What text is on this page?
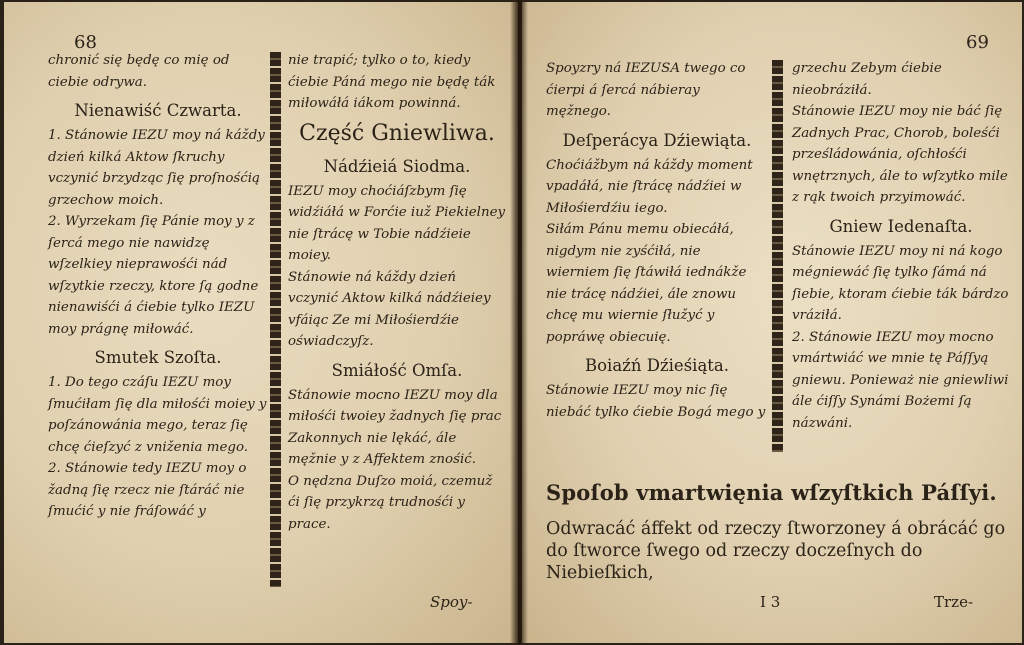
68

chronić się będę co mię od ciebie odrywa.

Nienawiść Czwarta.

1. Stánowie IEZU moy ná káždy dzień kilká Aktow ſkruchy vczynić brzydząc ſię proſnośćią grzechow moich.

2. Wyrzekam ſię Pánie moy y z ſercá mego nie nawidzę wſzelkiey nieprawośći nád wſzytkie rzeczy, ktore ſą godne nienawiśći á ćiebie tylko IEZU moy prágnę miłowáć.

Smutek Szoſta.

1. Do tego czáſu IEZU moy ſmućiłam ſię dla miłośći moiey y poſzánowánia mego, teraz ſię chcę ćieſzyć z vniženia mego.

2. Stánowie tedy IEZU moy o žadną ſię rzecz nie ſtáráć nie ſmućić y nie fráſowáć y

nie trapić; tylko o to, kiedy ćiebie Páná mego nie będę ták miłowáłá iákom powinná.

Część Gniewliwa.

Nádźieiá Siodma.

IEZU moy choćiáſzbym ſię widźiáłá w Forćie iuž Piekielney nie ſtrácę w Tobie nádźieie moiey.

Stánowie ná káždy dzień vczynić Aktow kilká nádźieiey vfáiąc Ze mi Miłośierdźie oświadczyſz.

Smiáłość Omſa.

Stánowie mocno IEZU moy dla miłośći twoiey žadnych ſię prac Zakonnych nie lękáć, ále męžnie y z Affektem znośić.

O nędzna Duſzo moiá, czemuž ći ſię przykrzą trudnośći y prace.

Spoy-
69

Spoyzry ná IEZUSA twego co ćierpi á ſercá nábieray męžnego.

Deſperácya Dźiewiąta.

Choćiážbym ná káždy moment vpadáłá, nie ſtrácę nádźiei w Miłośierdźiu iego.

Siłám Pánu memu obiecáłá, nigdym nie zyśćiłá, nie wierniem ſię ſtáwiłá iednákže nie trácę nádźiei, ále znowu chcę mu wiernie ſłužyć y popráwę obiecuię.

Boiaźń Dźieśiąta.

Stánowie IEZU moy nic ſię niebáć tylko ćiebie Bogá mego y

grzechu Zebym ćiebie nieobráziłá.

Stánowie IEZU moy nie báć ſię Zadnych Prac, Chorob, boleśći prześládowánia, oſchłośći wnętrznych, ále to wſzytko mile z rąk twoich przyimowáć.

Gniew Iedenaſta.

Stánowie IEZU moy ni ná kogo mégniewáć ſię tylko ſámá ná ſiebie, ktoram ćiebie ták bárdzo vráziłá.

2. Stánowie IEZU moy mocno vmártwiáć we mnie tę Páſſyą gniewu. Ponieważ nie gniewliwi ále ćiſſy Synámi Bożemi ſą názwáni.

Spoſob vmartwięnia wſzyſtkich Páſſyi.
Odwracáć áffekt od rzeczy ſtworzoney á obrácáć go do ſtworce ſwego od rzeczy doczeſnych do Niebieſkich,
I 3	Trze-
